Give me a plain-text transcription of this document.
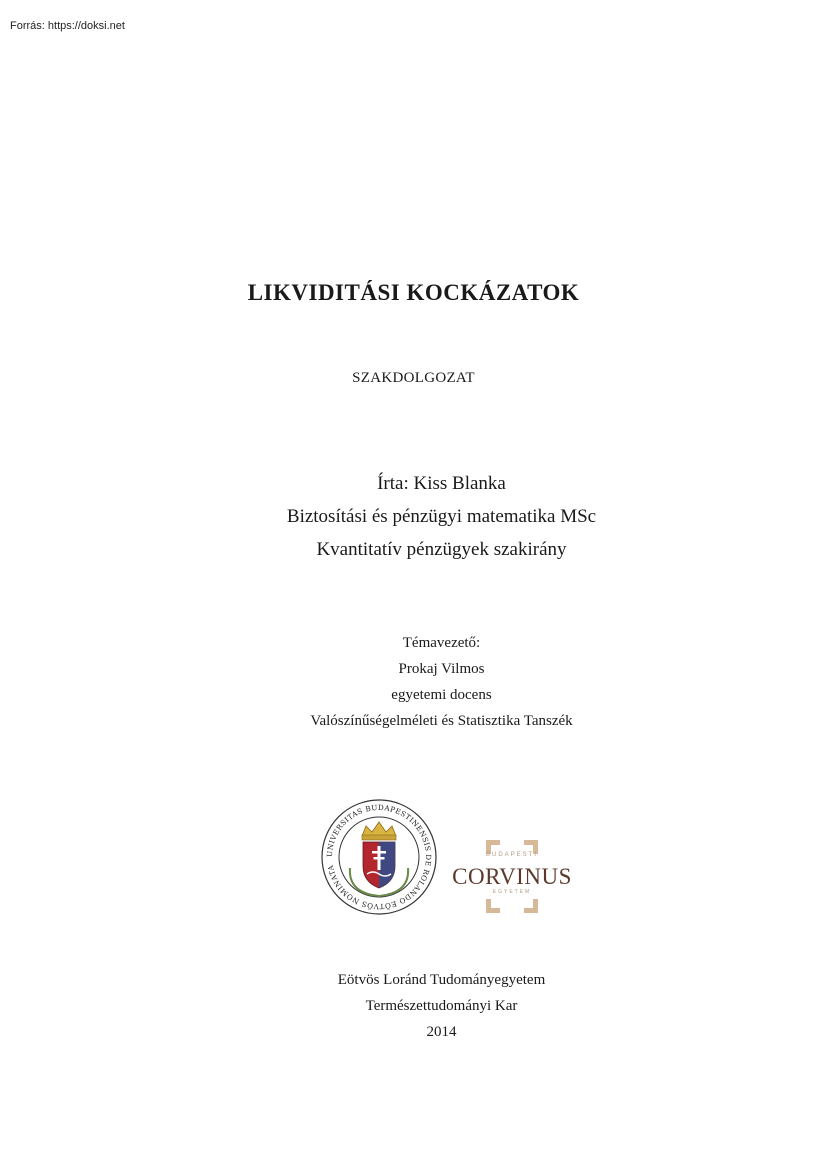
Forrás: https://doksi.net
LIKVIDITÁSI KOCKÁZATOK
SZAKDOLGOZAT
Írta: Kiss Blanka
Biztosítási és pénzügyi matematika MSc
Kvantitatív pénzügyek szakirány
Témavezető:
Prokaj Vilmos
egyetemi docens
Valószínűségelméleti és Statisztika Tanszék
UNIVERSITAS BUDAPESTINENSIS DE ROLANDO EÖTVÖS NOMINATA
BUDAPESTI
CORVINUS
EGYETEM
Eötvös Loránd Tudományegyetem
Természettudományi Kar
2014
